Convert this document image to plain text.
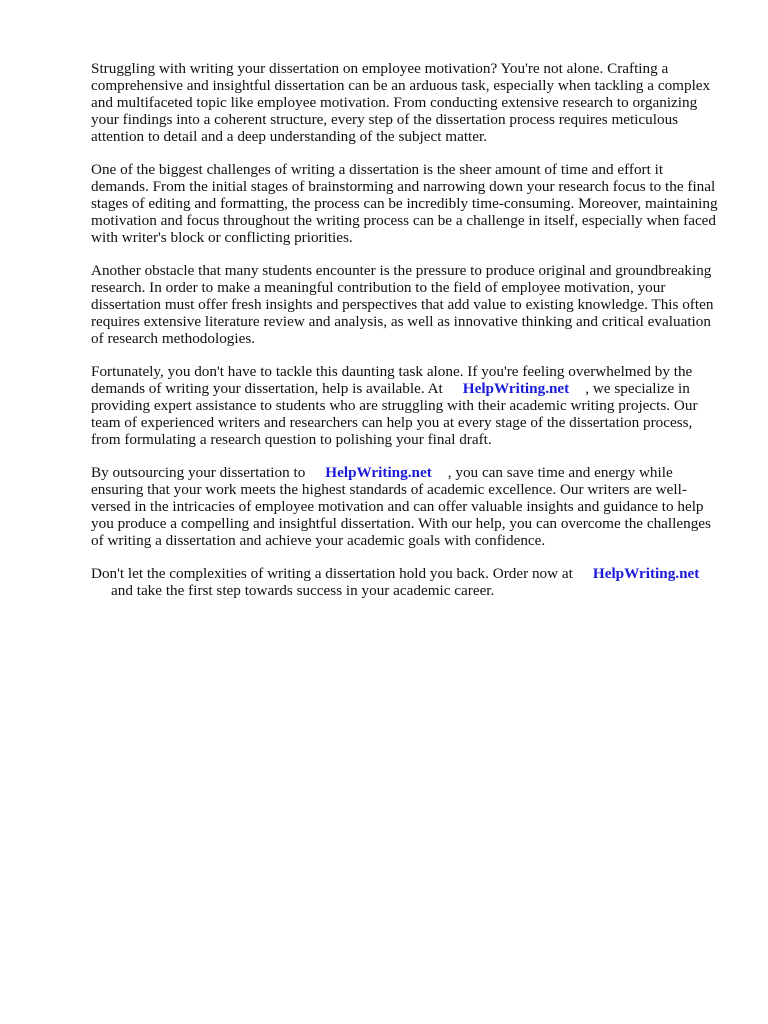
Struggling with writing your dissertation on employee motivation? You're not alone. Crafting a comprehensive and insightful dissertation can be an arduous task, especially when tackling a complex and multifaceted topic like employee motivation. From conducting extensive research to organizing your findings into a coherent structure, every step of the dissertation process requires meticulous attention to detail and a deep understanding of the subject matter.

One of the biggest challenges of writing a dissertation is the sheer amount of time and effort it demands. From the initial stages of brainstorming and narrowing down your research focus to the final stages of editing and formatting, the process can be incredibly time-consuming. Moreover, maintaining motivation and focus throughout the writing process can be a challenge in itself, especially when faced with writer's block or conflicting priorities.

Another obstacle that many students encounter is the pressure to produce original and groundbreaking research. In order to make a meaningful contribution to the field of employee motivation, your dissertation must offer fresh insights and perspectives that add value to existing knowledge. This often requires extensive literature review and analysis, as well as innovative thinking and critical evaluation of research methodologies.

Fortunately, you don't have to tackle this daunting task alone. If you're feeling overwhelmed by the demands of writing your dissertation, help is available. At HelpWriting.net , we specialize in providing expert assistance to students who are struggling with their academic writing projects. Our team of experienced writers and researchers can help you at every stage of the dissertation process, from formulating a research question to polishing your final draft.

By outsourcing your dissertation to HelpWriting.net , you can save time and energy while ensuring that your work meets the highest standards of academic excellence. Our writers are well-versed in the intricacies of employee motivation and can offer valuable insights and guidance to help you produce a compelling and insightful dissertation. With our help, you can overcome the challenges of writing a dissertation and achieve your academic goals with confidence.

Don't let the complexities of writing a dissertation hold you back. Order now at HelpWriting.net
and take the first step towards success in your academic career.
